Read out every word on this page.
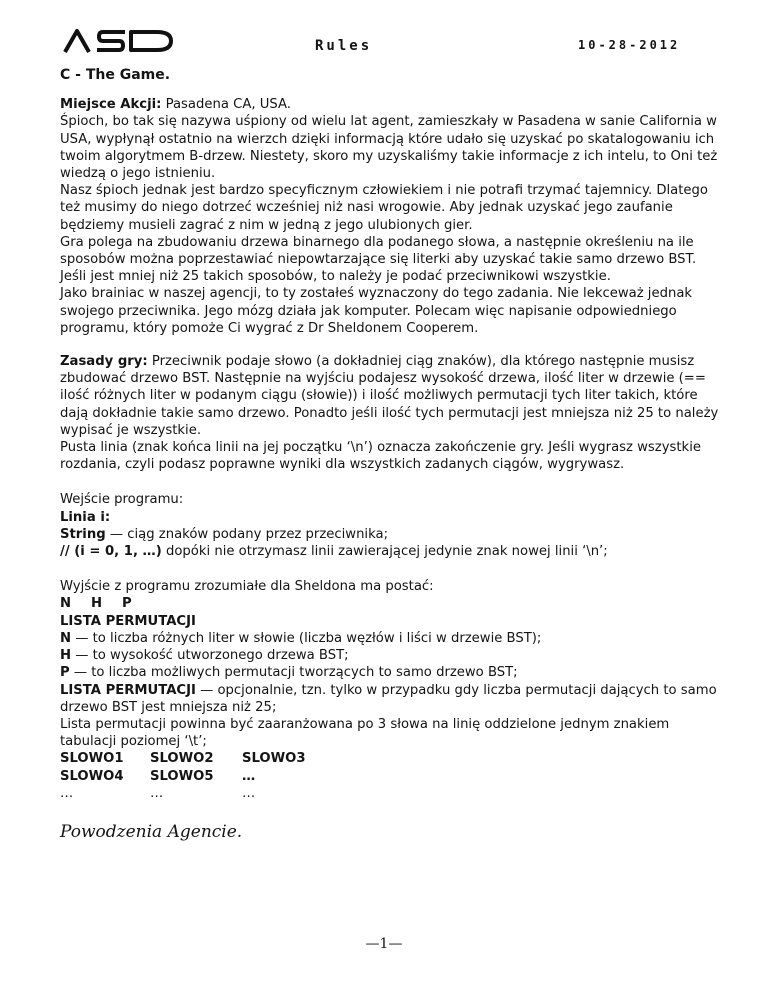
Rules	10-28-2012

C - The Game.

Miejsce Akcji: Pasadena CA, USA.

Śpioch, bo tak się nazywa uśpiony od wielu lat agent, zamieszkały w Pasadena w sanie California w USA, wypłynął ostatnio na wierzch dzięki informacją które udało się uzyskać po skatalogowaniu ich twoim algorytmem B-drzew. Niestety, skoro my uzyskaliśmy takie informacje z ich intelu, to Oni też wiedzą o jego istnieniu.

Nasz śpioch jednak jest bardzo specyficznym człowiekiem i nie potrafi trzymać tajemnicy. Dlatego też musimy do niego dotrzeć wcześniej niż nasi wrogowie. Aby jednak uzyskać jego zaufanie będziemy musieli zagrać z nim w jedną z jego ulubionych gier.

Gra polega na zbudowaniu drzewa binarnego dla podanego słowa, a następnie określeniu na ile sposobów można poprzestawiać niepowtarzające się literki aby uzyskać takie samo drzewo BST. Jeśli jest mniej niż 25 takich sposobów, to należy je podać przeciwnikowi wszystkie.

Jako brainiac w naszej agencji, to ty zostałeś wyznaczony do tego zadania. Nie lekceważ jednak swojego przeciwnika. Jego mózg działa jak komputer. Polecam więc napisanie odpowiedniego programu, który pomoże Ci wygrać z Dr Sheldonem Cooperem.

Zasady gry: Przeciwnik podaje słowo (a dokładniej ciąg znaków), dla którego następnie musisz zbudować drzewo BST. Następnie na wyjściu podajesz wysokość drzewa, ilość liter w drzewie (== ilość różnych liter w podanym ciągu (słowie)) i ilość możliwych permutacji tych liter takich, które dają dokładnie takie samo drzewo. Ponadto jeśli ilość tych permutacji jest mniejsza niż 25 to należy wypisać je wszystkie.

Pusta linia (znak końca linii na jej początku ‘\n’) oznacza zakończenie gry. Jeśli wygrasz wszystkie rozdania, czyli podasz poprawne wyniki dla wszystkich zadanych ciągów, wygrywasz.

Wejście programu:

Linia i:

String — ciąg znaków podany przez przeciwnika;

// (i = 0, 1, …) dopóki nie otrzymasz linii zawierającej jedynie znak nowej linii ‘\n’;

Wyjście z programu zrozumiałe dla Sheldona ma postać:

N H P

LISTA PERMUTACJI

N — to liczba różnych liter w słowie (liczba węzłów i liści w drzewie BST);

H — to wysokość utworzonego drzewa BST;

P — to liczba możliwych permutacji tworzących to samo drzewo BST;

LISTA PERMUTACJI — opcjonalnie, tzn. tylko w przypadku gdy liczba permutacji dających to samo drzewo BST jest mniejsza niż 25;

Lista permutacji powinna być zaaranżowana po 3 słowa na linię oddzielone jednym znakiem tabulacji poziomej ‘\t’;

SLOWO1	SLOWO2	SLOWO3

SLOWO4	SLOWO5	…

…	…	…

Powodzenia Agencie.

—1—
